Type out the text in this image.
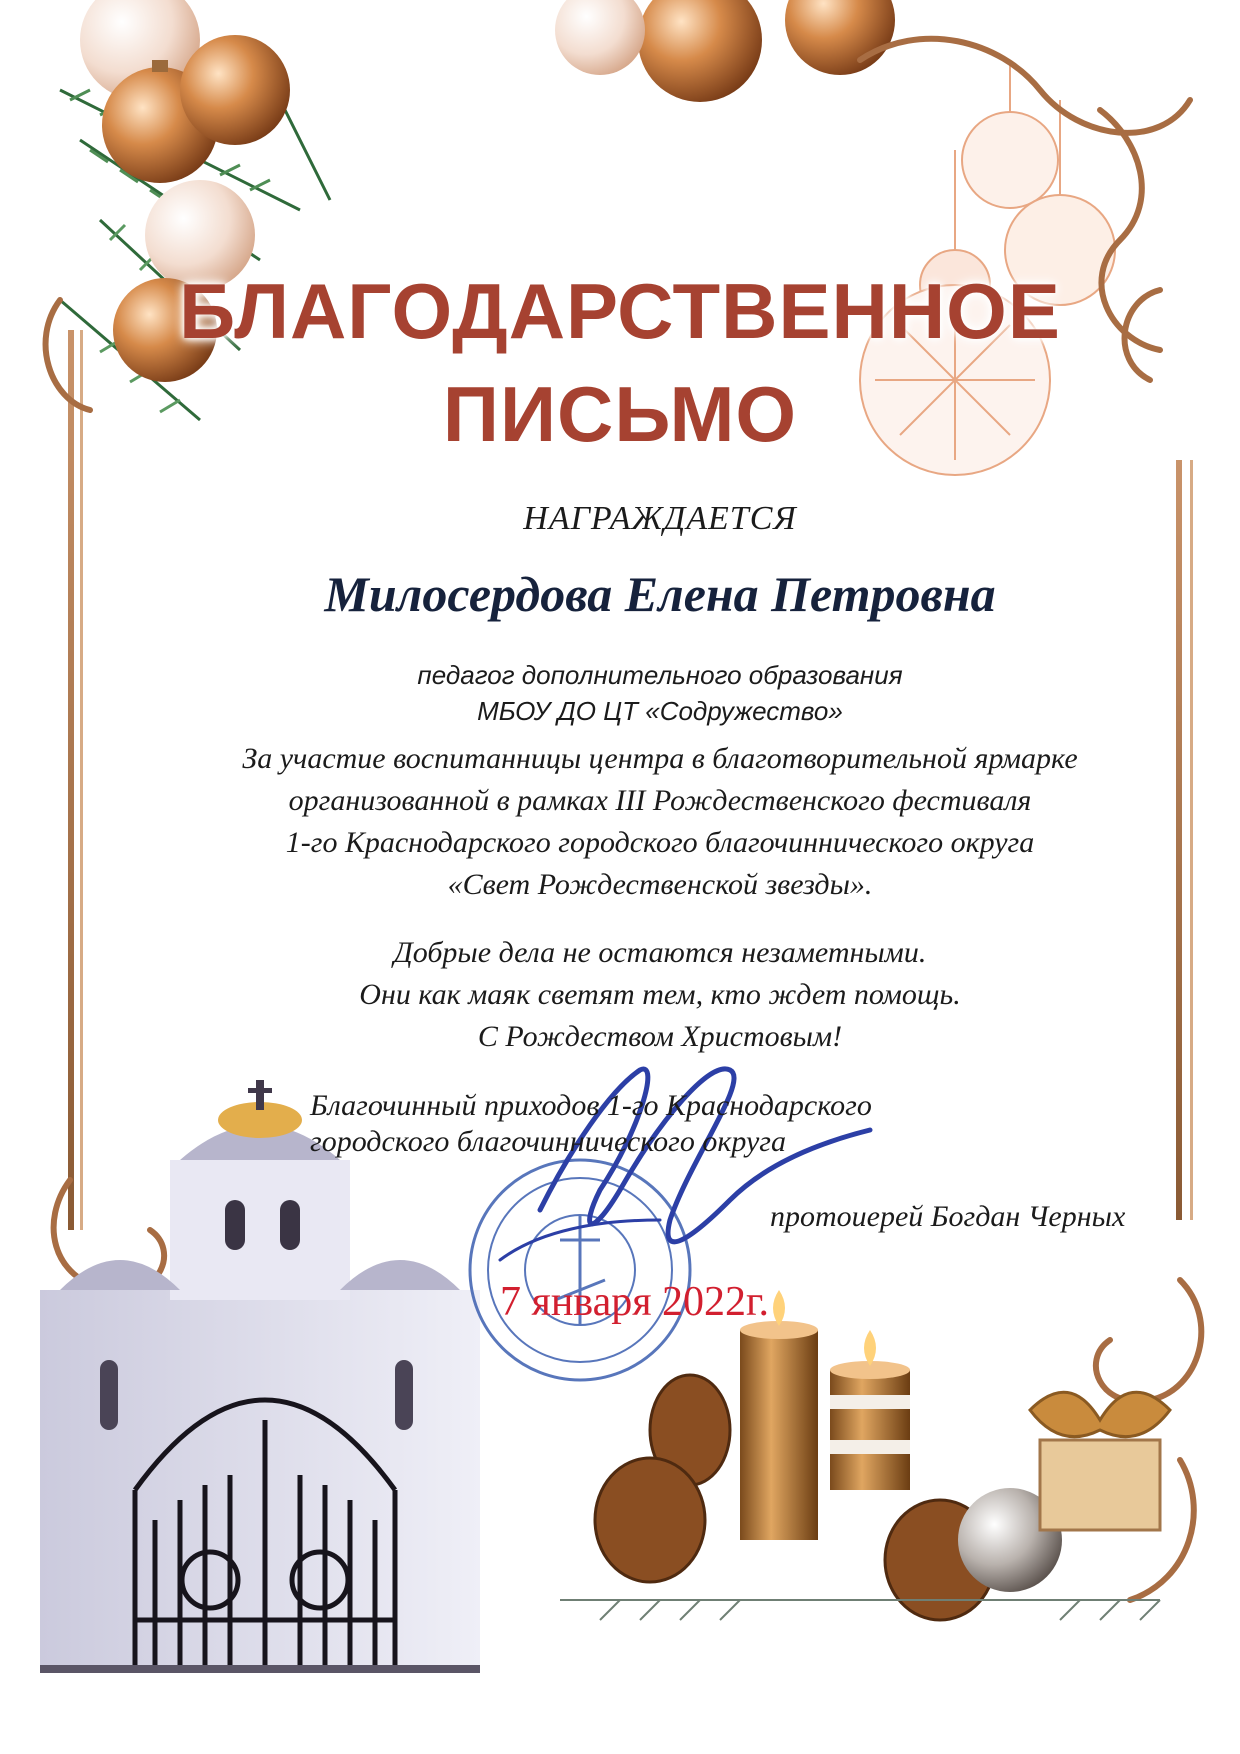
БЛАГОДАРСТВЕННОЕ
ПИСЬМО
НАГРАЖДАЕТСЯ
Милосердова Елена Петровна
педагог дополнительного образования
МБОУ ДО ЦТ «Содружество»
За участие воспитанницы центра в благотворительной ярмарке
организованной в рамках III Рождественского фестиваля
1-го Краснодарского городского благочиннического округа
«Свет Рождественской звезды».
Добрые дела не остаются незаметными.
Они как маяк светят тем, кто ждет помощь.
С Рождеством Христовым!
Благочинный приходов 1-го Краснодарского
городского благочиннического округа
протоиерей Богдан Черных
7 января 2022г.
